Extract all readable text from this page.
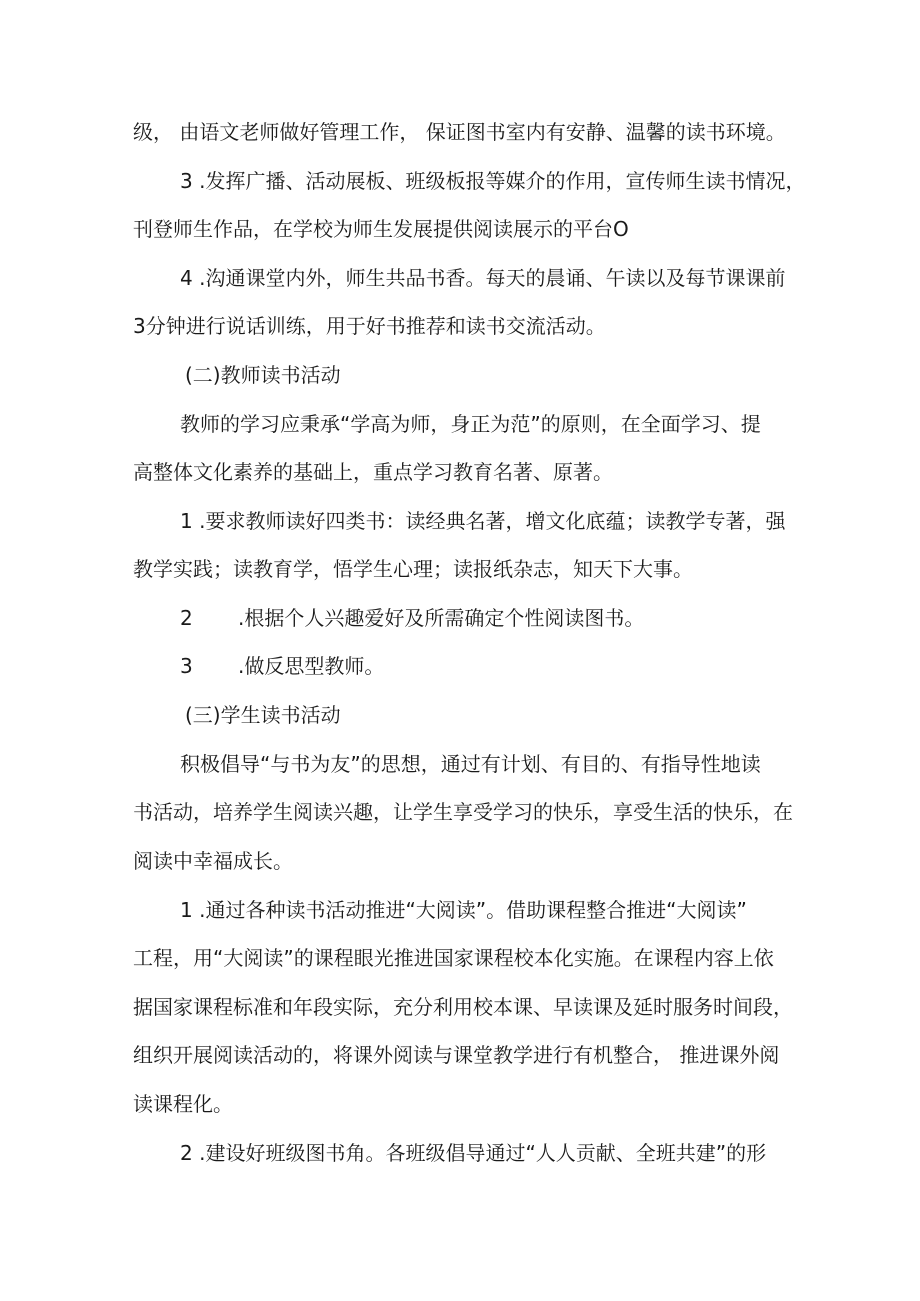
级， 由语文老师做好管理工作， 保证图书室内有安静、温馨的读书环境。
3 .发挥广播、活动展板、班级板报等媒介的作用，宣传师生读书情况，
刊登师生作品，在学校为师生发展提供阅读展示的平台O
4 .沟通课堂内外，师生共品书香。每天的晨诵、午读以及每节课课前
3分钟进行说话训练，用于好书推荐和读书交流活动。
(二)教师读书活动
教师的学习应秉承“学高为师，身正为范”的原则，在全面学习、提
高整体文化素养的基础上，重点学习教育名著、原著。
1 .要求教师读好四类书：读经典名著，增文化底蕴；读教学专著，强
教学实践；读教育学，悟学生心理；读报纸杂志，知天下大事。
2 .根据个人兴趣爱好及所需确定个性阅读图书。
3 .做反思型教师。
(三)学生读书活动
积极倡导“与书为友”的思想，通过有计划、有目的、有指导性地读
书活动，培养学生阅读兴趣，让学生享受学习的快乐，享受生活的快乐，在
阅读中幸福成长。
1 .通过各种读书活动推进“大阅读”。借助课程整合推进“大阅读”
工程，用“大阅读”的课程眼光推进国家课程校本化实施。在课程内容上依
据国家课程标准和年段实际，充分利用校本课、早读课及延时服务时间段，
组织开展阅读活动的，将课外阅读与课堂教学进行有机整合， 推进课外阅
读课程化。
2 .建设好班级图书角。各班级倡导通过“人人贡献、全班共建”的形
